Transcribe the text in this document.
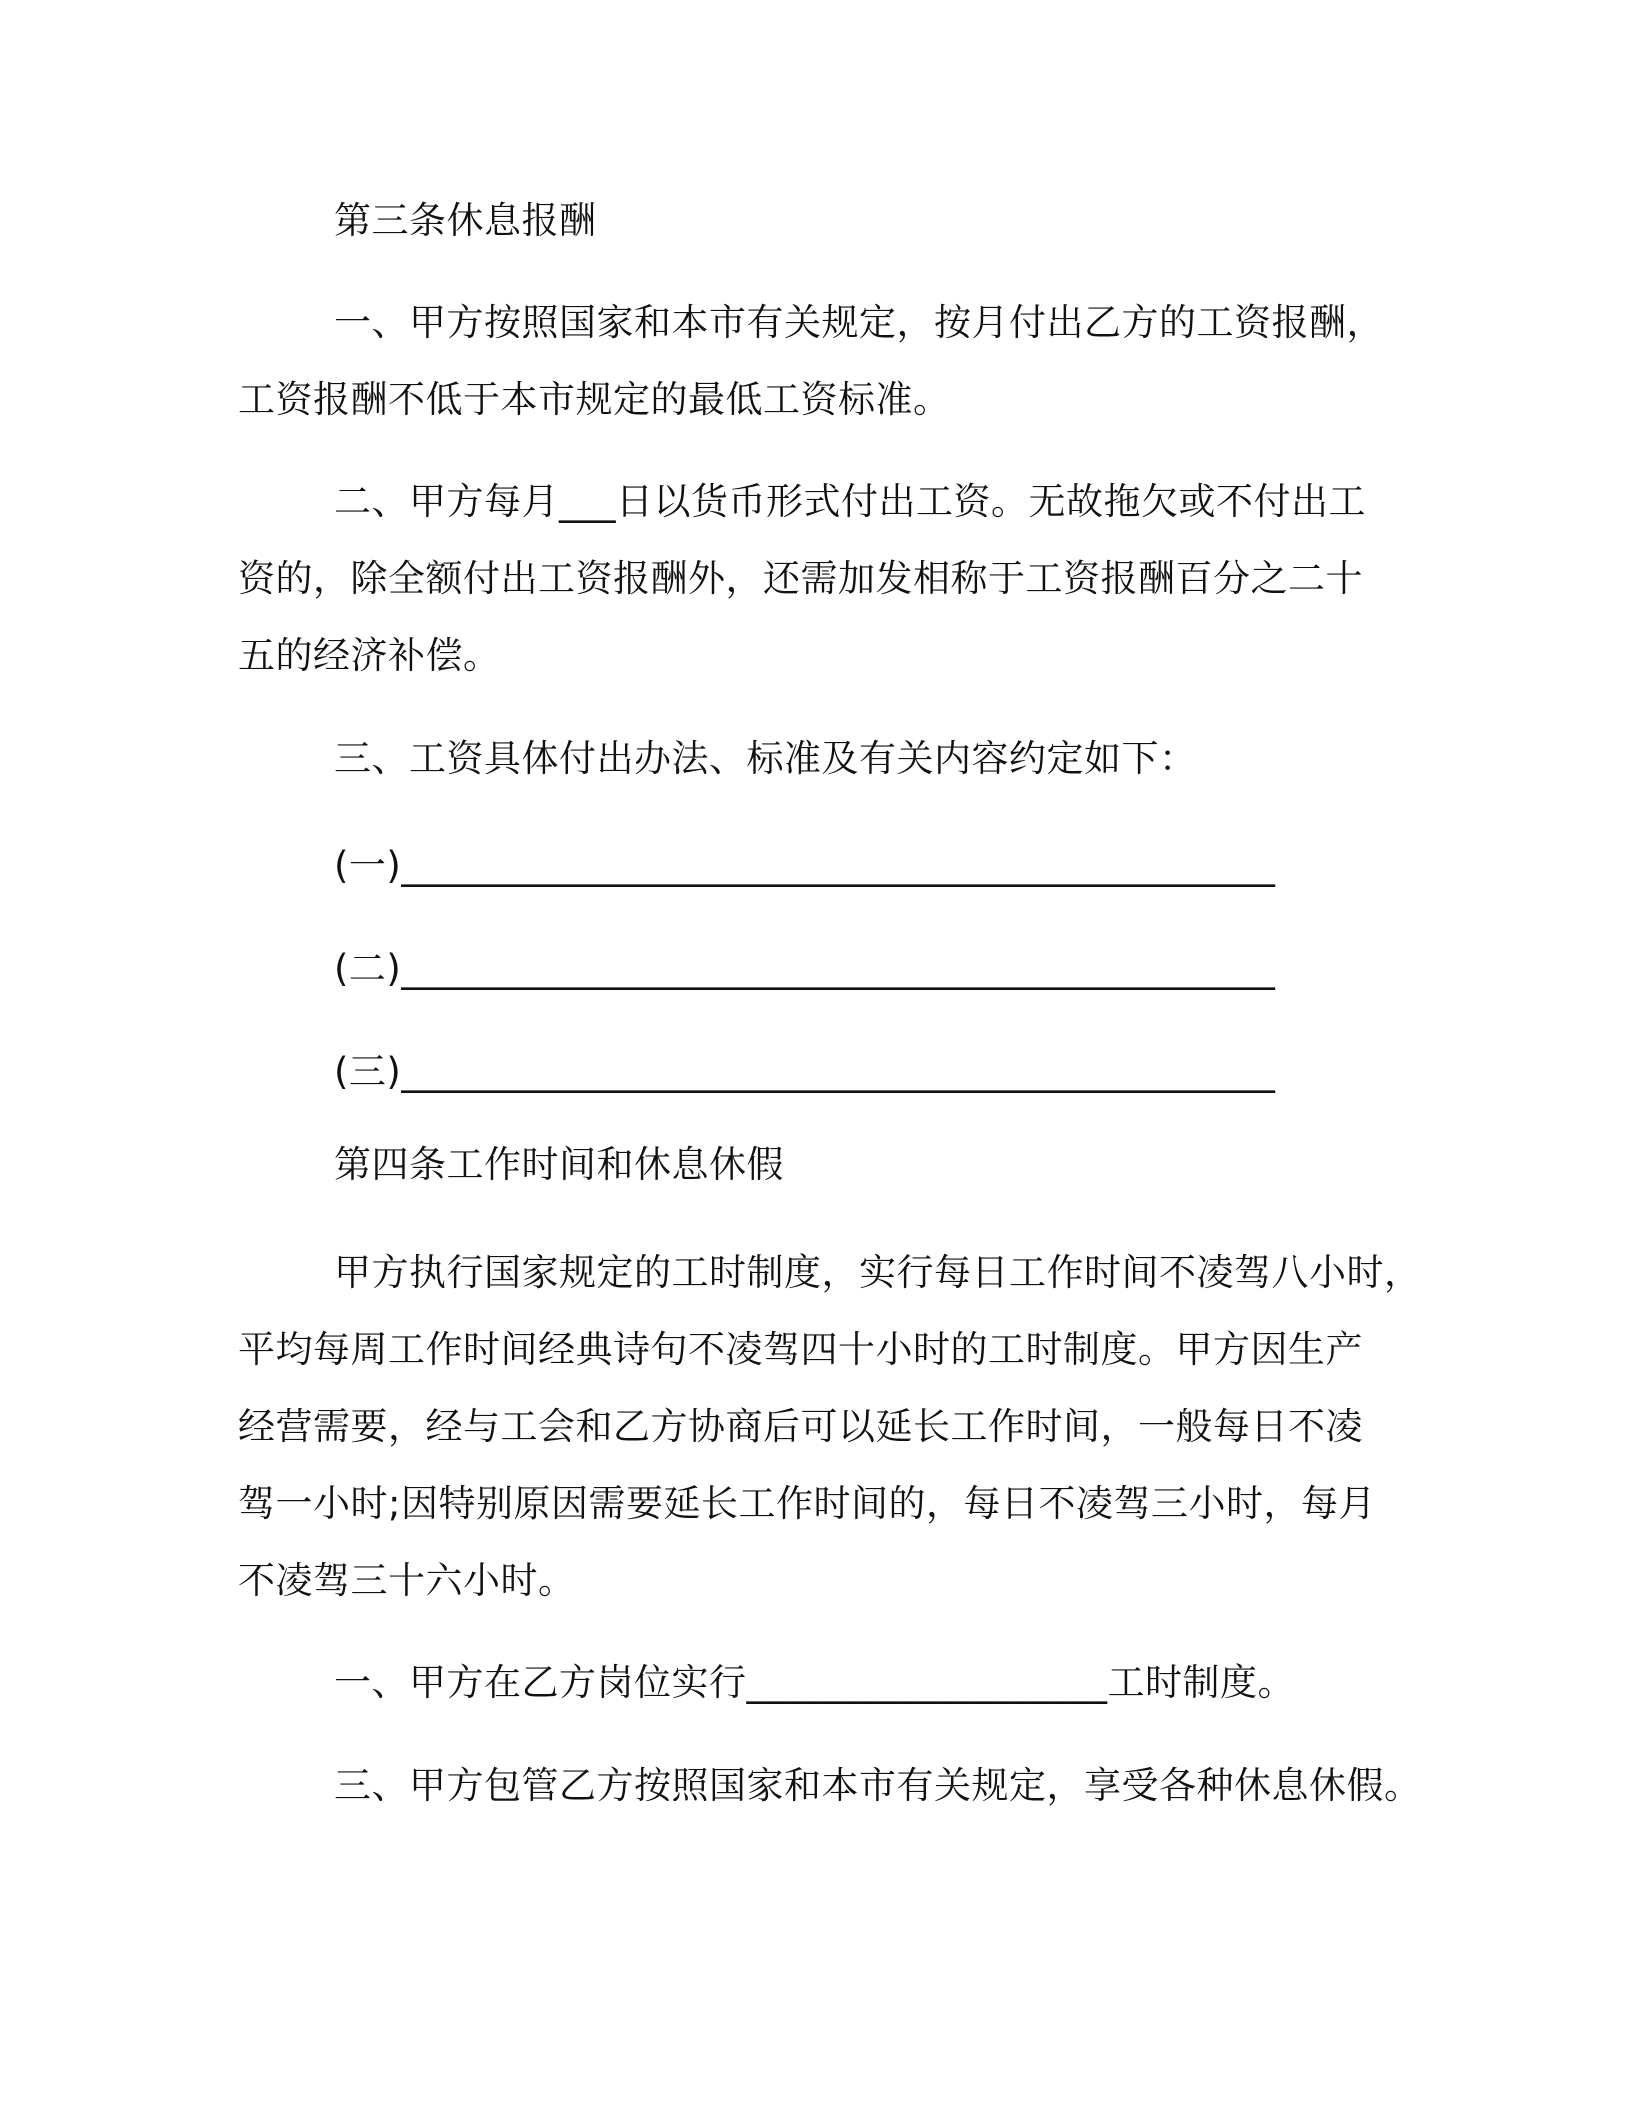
第三条休息报酬
一、甲方按照国家和本市有关规定，按月付出乙方的工资报酬，
工资报酬不低于本市规定的最低工资标准。
二、甲方每月___日以货币形式付出工资。无故拖欠或不付出工
资的，除全额付出工资报酬外，还需加发相称于工资报酬百分之二十
五的经济补偿。
三、工资具体付出办法、标准及有关内容约定如下：
(一)______________________________________________
(二)______________________________________________
(三)______________________________________________
第四条工作时间和休息休假
甲方执行国家规定的工时制度，实行每日工作时间不凌驾八小时，
平均每周工作时间经典诗句不凌驾四十小时的工时制度。甲方因生产
经营需要，经与工会和乙方协商后可以延长工作时间，一般每日不凌
驾一小时;因特别原因需要延长工作时间的，每日不凌驾三小时，每月
不凌驾三十六小时。
一、甲方在乙方岗位实行___________________工时制度。
三、甲方包管乙方按照国家和本市有关规定，享受各种休息休假。
